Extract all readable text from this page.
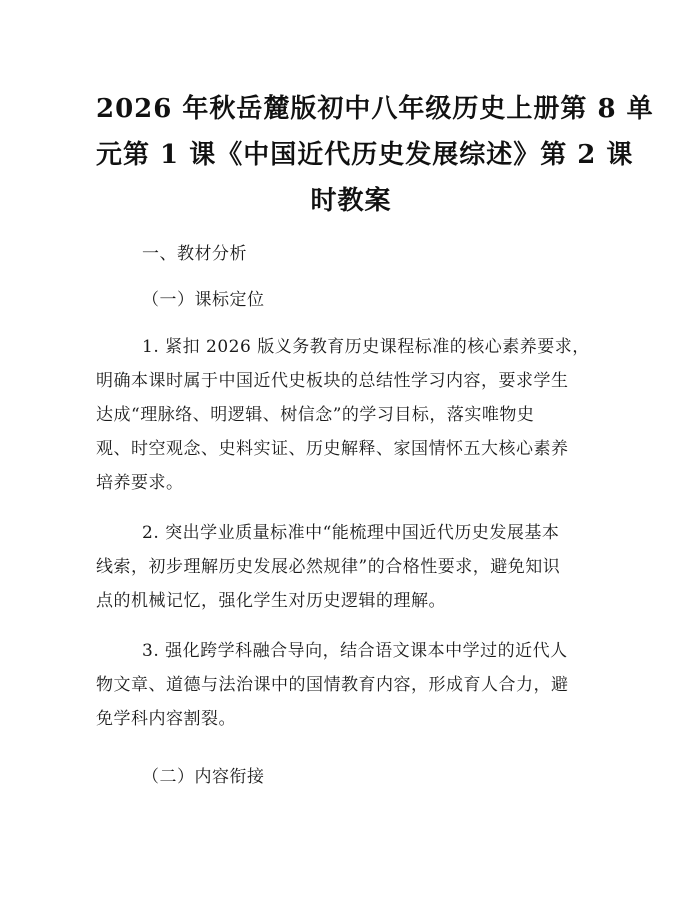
2026 年秋岳麓版初中八年级历史上册第 8 单
元第 1 课《中国近代历史发展综述》第 2 课
时教案

一、教材分析

（一）课标定位

1. 紧扣 2026 版义务教育历史课程标准的核心素养要求，
明确本课时属于中国近代史板块的总结性学习内容，要求学生
达成“理脉络、明逻辑、树信念”的学习目标，落实唯物史
观、时空观念、史料实证、历史解释、家国情怀五大核心素养
培养要求。
2. 突出学业质量标准中“能梳理中国近代历史发展基本
线索，初步理解历史发展必然规律”的合格性要求，避免知识
点的机械记忆，强化学生对历史逻辑的理解。
3. 强化跨学科融合导向，结合语文课本中学过的近代人
物文章、道德与法治课中的国情教育内容，形成育人合力，避
免学科内容割裂。

（二）内容衔接
